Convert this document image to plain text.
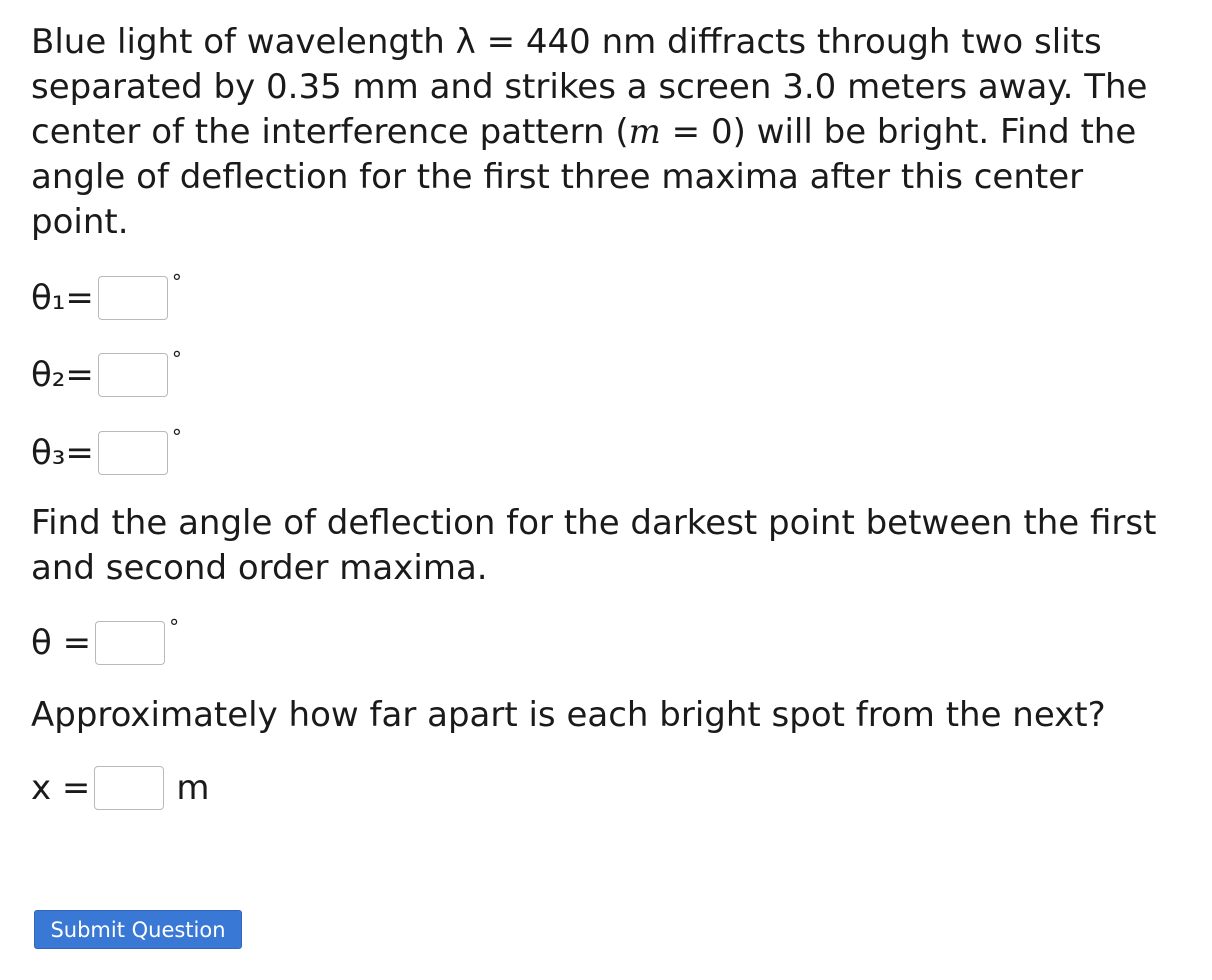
Blue light of wavelength λ = 440 nm diffracts through two slits separated by 0.35 mm and strikes a screen 3.0 meters away. The center of the interference pattern (m = 0) will be bright. Find the angle of deflection for the first three maxima after this center point.

θ₁=	°
θ₂=	°
θ₃=	°

Find the angle of deflection for the darkest point between the first and second order maxima.

θ =	°

Approximately how far apart is each bright spot from the next?

x =	m
Submit Question
